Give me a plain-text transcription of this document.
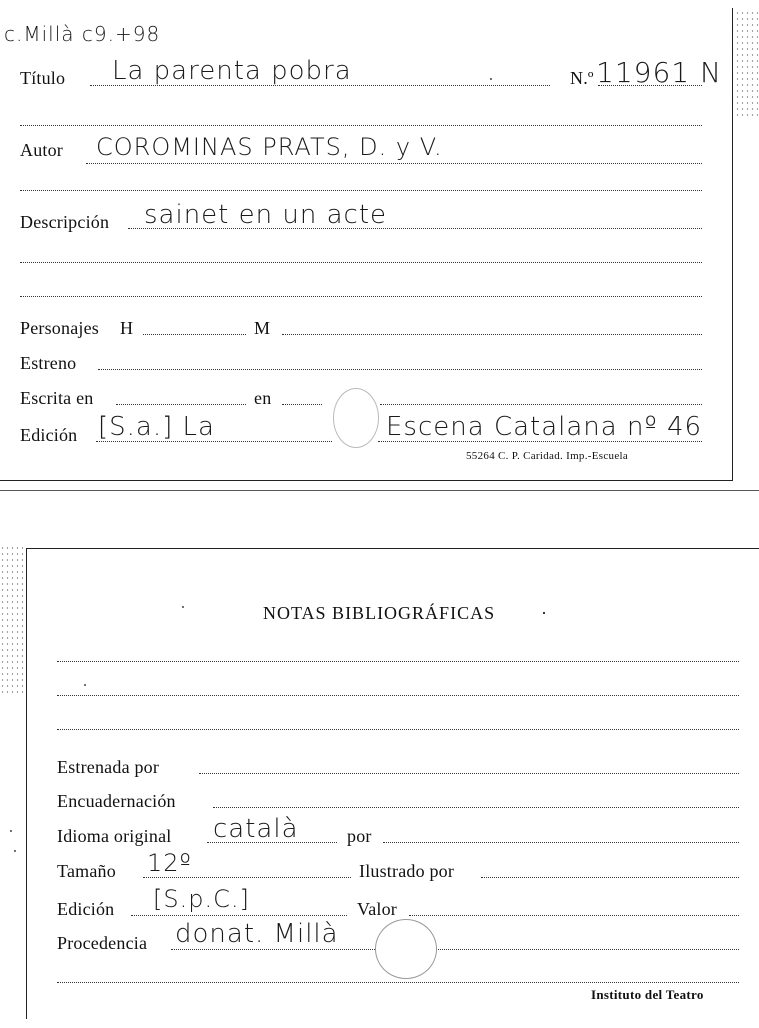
c.Millà c9.+98
Título La parenta pobra	N.º 11961 N
Autor COROMINAS PRATS, D. y V.
Descripción sainet en un acte
Personajes H	M
Estreno
Escrita en	en
Edición [S.a.] La	Escena Catalana nº 46
55264 C. P. Caridad. Imp.-Escuela
NOTAS BIBLIOGRÁFICAS	·
Estrenada por
Encuadernación
Idioma original català	por
Tamaño 12º	Ilustrado por
Edición [S.p.C.]	Valor
Procedencia donat. Millà
Instituto del Teatro
